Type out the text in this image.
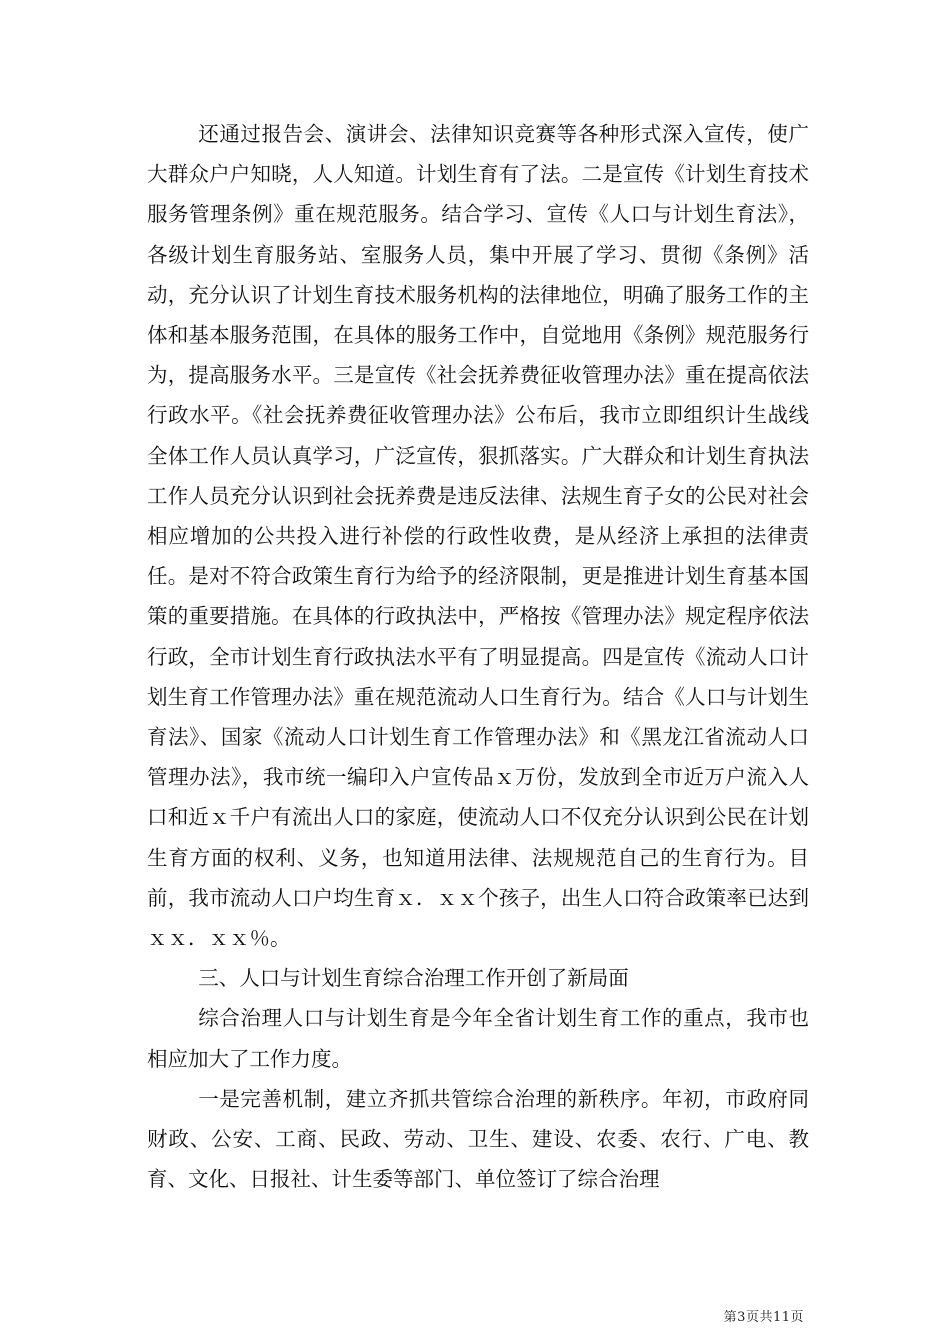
还通过报告会、演讲会、法律知识竞赛等各种形式深入宣传，使广大群众户户知晓，人人知道。计划生育有了法。二是宣传《计划生育技术服务管理条例》重在规范服务。结合学习、宣传《人口与计划生育法》，各级计划生育服务站、室服务人员，集中开展了学习、贯彻《条例》活动，充分认识了计划生育技术服务机构的法律地位，明确了服务工作的主体和基本服务范围，在具体的服务工作中，自觉地用《条例》规范服务行为，提高服务水平。三是宣传《社会抚养费征收管理办法》重在提高依法行政水平。《社会抚养费征收管理办法》公布后，我市立即组织计生战线全体工作人员认真学习，广泛宣传，狠抓落实。广大群众和计划生育执法工作人员充分认识到社会抚养费是违反法律、法规生育子女的公民对社会相应增加的公共投入进行补偿的行政性收费，是从经济上承担的法律责任。是对不符合政策生育行为给予的经济限制，更是推进计划生育基本国策的重要措施。在具体的行政执法中，严格按《管理办法》规定程序依法行政，全市计划生育行政执法水平有了明显提高。四是宣传《流动人口计划生育工作管理办法》重在规范流动人口生育行为。结合《人口与计划生育法》、国家《流动人口计划生育工作管理办法》和《黑龙江省流动人口管理办法》，我市统一编印入户宣传品ｘ万份，发放到全市近万户流入人口和近ｘ千户有流出人口的家庭，使流动人口不仅充分认识到公民在计划生育方面的权利、义务，也知道用法律、法规规范自己的生育行为。目前，我市流动人口户均生育ｘ．ｘｘ个孩子，出生人口符合政策率已达到ｘｘ．ｘｘ％。

三、人口与计划生育综合治理工作开创了新局面

综合治理人口与计划生育是今年全省计划生育工作的重点，我市也相应加大了工作力度。

一是完善机制，建立齐抓共管综合治理的新秩序。年初，市政府同财政、公安、工商、民政、劳动、卫生、建设、农委、农行、广电、教育、文化、日报社、计生委等部门、单位签订了综合治理

第3页共11页
